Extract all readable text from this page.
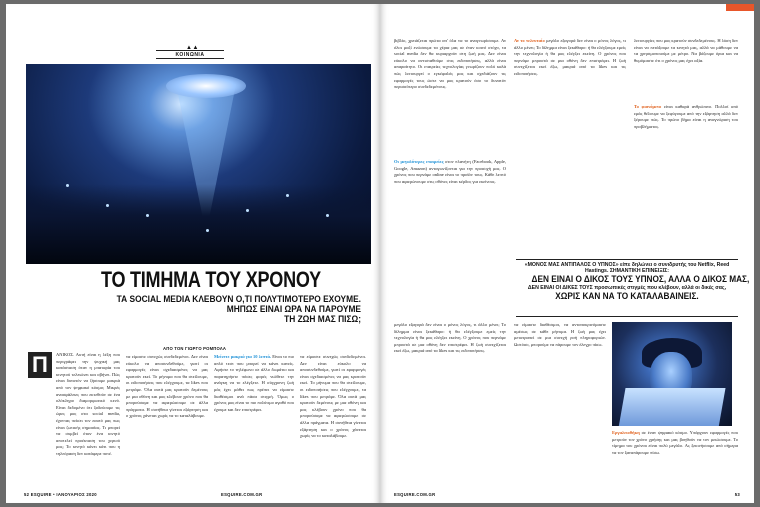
▲▲
ΚΟΙΝΩΝΙΑ
ΤΟ ΤΙΜΗΜΑ ΤΟΥ ΧΡΟΝΟΥ
ΤΑ SOCIAL MEDIA ΚΛΕΒΟΥΝ Ο,ΤΙ ΠΟΛΥΤΙΜΟΤΕΡΟ ΕΧΟΥΜΕ.
ΜΗΠΩΣ ΕΙΝΑΙ ΩΡΑ ΝΑ ΠΑΡΟΥΜΕ
ΤΗ ΖΩΗ ΜΑΣ ΠΙΣΩ;
ΑΠΟ ΤΟΝ ΓΙΩΡΓΟ ΡΟΜΠΟΛΑ
Π	ΑΝΙΚΟΣ. Αυτή είναι η λέξη που περιγράφει την ψυχική μας κατάσταση όταν η μπαταρία του κινητού τελειώνει και σβήνει. Πώς είναι δυνατόν να ζήσουμε μακριά από τον ψηφιακό κόσμο; Μικρές ανασφάλειες που εκτεθούν σε ένα ολόκληρο διαμορφωτικό κενό. Είναι δεδομένο ότι ξοδεύουμε τις ώρες μας στα social media, έχοντας πείσει τον εαυτό μας πως είναι ζωτικής σημασίας. Τι μπορεί να συμβεί όταν ένα κινητό αποτελεί προέκταση του χεριού μας; Το κινητό κάνει κάτι που η τηλεόραση δεν κατάφερε ποτέ.
να είμαστε συνεχώς συνδεδεμένοι. Δεν είναι εύκολο να αποσυνδεθούμε, γιατί οι εφαρμογές είναι σχεδιασμένες να μας κρατούν εκεί. Το μήνυμα που θα στείλουμε, οι ειδοποιήσεις που ελέγχουμε, τα likes που μετράμε. Όλα αυτά μας κρατούν δεμένους με μια οθόνη και μας κλέβουν χρόνο που θα μπορούσαμε να αφιερώσουμε σε άλλα πράγματα. Η συνήθεια γίνεται εξάρτηση και ο χρόνος χάνεται χωρίς να το καταλάβουμε.
Μείνετε μακριά για 10 λεπτά. Είναι το πιο απλό τεστ που μπορεί να κάνει κανείς. Αφήστε το τηλέφωνο σε άλλο δωμάτιο και παρατηρήστε πόσες φορές νιώθετε την ανάγκη να το ελέγξετε. Η σύγχρονη ζωή μάς έχει μάθει πως πρέπει να είμαστε διαθέσιμοι ανά πάσα στιγμή. Όμως ο χρόνος μας είναι το πιο πολύτιμο αγαθό που έχουμε και δεν επιστρέφει.
να είμαστε συνεχώς συνδεδεμένοι. Δεν είναι εύκολο να αποσυνδεθούμε, γιατί οι εφαρμογές είναι σχεδιασμένες να μας κρατούν εκεί. Το μήνυμα που θα στείλουμε, οι ειδοποιήσεις που ελέγχουμε, τα likes που μετράμε. Όλα αυτά μας κρατούν δεμένους με μια οθόνη και μας κλέβουν χρόνο που θα μπορούσαμε να αφιερώσουμε σε άλλα πράγματα. Η συνήθεια γίνεται εξάρτηση και ο χρόνος χάνεται χωρίς να το καταλάβουμε.
52 ESQUIRE • ΙΑΝΟΥΑΡΙΟΣ 2020	ESQUIRE.COM.GR
βιβλίο, χρειάζεται πρώτα απ' όλα να το αναγνωρίσουμε. Αν όλοι μαζί ενώσουμε τα χέρια μας σε έναν κοινό στόχο, τα social media δεν θα κυριαρχούν στη ζωή μας. Δεν είναι εύκολο να αντισταθούμε στις ειδοποιήσεις, αλλά είναι απαραίτητο. Οι εταιρείες τεχνολογίας γνωρίζουν πολύ καλά πώς λειτουργεί ο εγκέφαλός μας και σχεδιάζουν τις εφαρμογές τους ώστε να μας κρατούν όσο το δυνατόν περισσότερο συνδεδεμένους.
Οι μεγαλύτερες εταιρείες στον πλανήτη (Facebook, Apple, Google, Amazon) ανταγωνίζονται για την προσοχή μας. Ο χρόνος που περνάμε online είναι το προϊόν τους. Κάθε λεπτό που αφιερώνουμε στις οθόνες είναι κέρδος για εκείνους.
Αν το τελευταίο μεγάλο εξαγορά δεν είναι ο μόνος λόγος, τι άλλο μένει; Το δίλημμα είναι ξεκάθαρο: ή θα ελέγξουμε εμείς την τεχνολογία ή θα μας ελέγξει εκείνη. Ο χρόνος που περνάμε μπροστά σε μια οθόνη δεν επιστρέφει. Η ζωή συνεχίζεται εκεί έξω, μακριά από τα likes και τις ειδοποιήσεις.
λειτουργίες που μας κρατούν συνδεδεμένους. Η λύση δεν είναι να πετάξουμε τα κινητά μας, αλλά να μάθουμε να τα χρησιμοποιούμε με μέτρο. Να βάζουμε όρια και να θυμόμαστε ότι ο χρόνος μας έχει αξία.
Το φαινόμενο είναι καθαρά ανθρώπινο. Πολλοί από εμάς θέλουμε να ξεφύγουμε από την εξάρτηση αλλά δεν ξέρουμε πώς. Το πρώτο βήμα είναι η αναγνώριση του προβλήματος.
«ΜΟΝΟΣ ΜΑΣ ΑΝΤΙΠΑΛΟΣ Ο ΥΠΝΟΣ» είπε δηλώνει ο συνιδρυτής του Netflix, Reed Hastings. ΣΗΜΑΝΤΙΚΗ ΕΠΙΝΕΙΞΙΣ:
ΔΕΝ ΕΙΝΑΙ Ο ΔΙΚΟΣ ΤΟΥΣ ΥΠΝΟΣ, ΑΛΛΑ Ο ΔΙΚΟΣ ΜΑΣ,
ΔΕΝ ΕΙΝΑΙ ΟΙ ΔΙΚΕΣ ΤΟΥΣ προσωπικές στιγμές που κλέβουν, αλλά οι δικές σας,
ΧΩΡΙΣ ΚΑΝ ΝΑ ΤΟ ΚΑΤΑΛΑΒΑΙΝΕΙΣ.
μεγάλο εξαγορά δεν είναι ο μόνος λόγος, τι άλλο μένει; Το δίλημμα είναι ξεκάθαρο: ή θα ελέγξουμε εμείς την τεχνολογία ή θα μας ελέγξει εκείνη. Ο χρόνος που περνάμε μπροστά σε μια οθόνη δεν επιστρέφει. Η ζωή συνεχίζεται εκεί έξω, μακριά από τα likes και τις ειδοποιήσεις.
να είμαστε διαθέσιμοι, να ανταποκρινόμαστε αμέσως σε κάθε μήνυμα. Η ζωή μας έχει μετατραπεί σε μια συνεχή ροή πληροφοριών. Ωστόσο, μπορούμε να πάρουμε τον έλεγχο πίσω.
Εργαλειοθήκη σε έναν ψηφιακό κόσμο. Υπάρχουν εφαρμογές που μετρούν τον χρόνο χρήσης και μας βοηθούν να τον μειώσουμε. Το τίμημα του χρόνου είναι πολύ μεγάλο. Ας ξεκινήσουμε από σήμερα να τον ξαναπάρουμε πίσω.
ESQUIRE.COM.GR	53
